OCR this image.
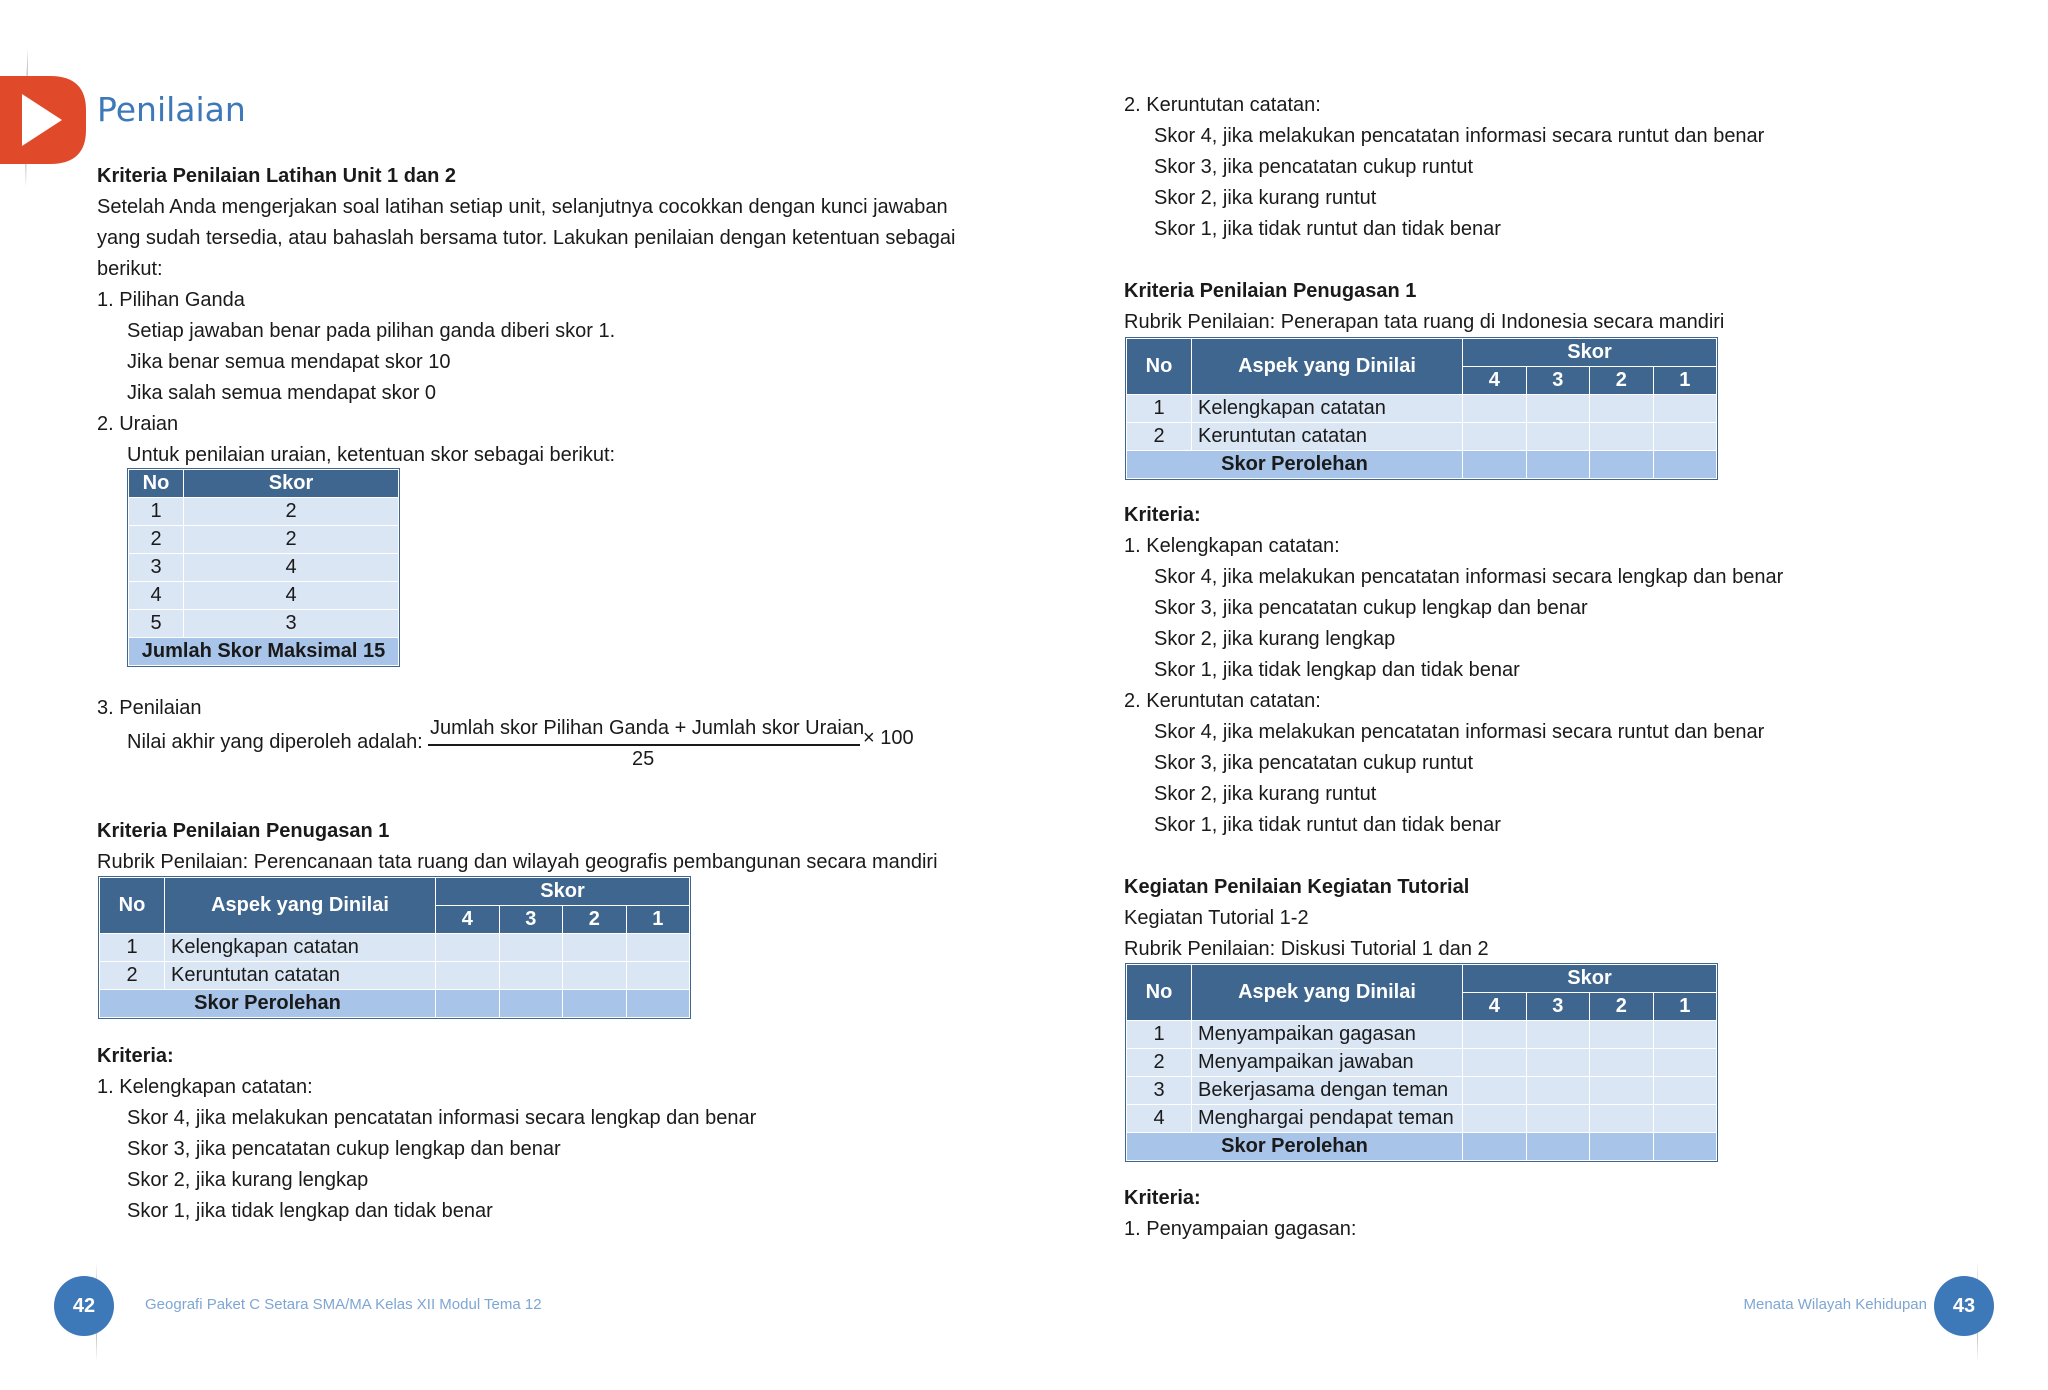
Penilaian
Kriteria Penilaian Latihan Unit 1 dan 2
Setelah Anda mengerjakan soal latihan setiap unit, selanjutnya cocokkan dengan kunci jawaban
yang sudah tersedia, atau bahaslah bersama tutor. Lakukan penilaian dengan ketentuan sebagai
berikut:
1. Pilihan Ganda
Setiap jawaban benar pada pilihan ganda diberi skor 1.
Jika benar semua mendapat skor 10
Jika salah semua mendapat skor 0
2. Uraian
Untuk penilaian uraian, ketentuan skor sebagai berikut:
No	Skor
1	2
2	2
3	4
4	4
5	3
Jumlah Skor Maksimal 15	
3. Penilaian
Nilai akhir yang diperoleh adalah:
Jumlah skor Pilihan Ganda + Jumlah skor Uraian
25
× 100
Kriteria Penilaian Penugasan 1
Rubrik Penilaian: Perencanaan tata ruang dan wilayah geografis pembangunan secara mandiri
No	Aspek yang Dinilai	Skor			
		4	3	2	1
1	Kelengkapan catatan				
2	Keruntutan catatan				
Skor Perolehan					
Kriteria:
1. Kelengkapan catatan:
Skor 4, jika melakukan pencatatan informasi secara lengkap dan benar
Skor 3, jika pencatatan cukup lengkap dan benar
Skor 2, jika kurang lengkap
Skor 1, jika tidak lengkap dan tidak benar
42	Geografi Paket C Setara SMA/MA Kelas XII Modul Tema 12
2. Keruntutan catatan:
Skor 4, jika melakukan pencatatan informasi secara runtut dan benar
Skor 3, jika pencatatan cukup runtut
Skor 2, jika kurang runtut
Skor 1, jika tidak runtut dan tidak benar
Kriteria Penilaian Penugasan 1
Rubrik Penilaian: Penerapan tata ruang di Indonesia secara mandiri
No	Aspek yang Dinilai	Skor			
		4	3	2	1
1	Kelengkapan catatan				
2	Keruntutan catatan				
Skor Perolehan					
Kriteria:
1. Kelengkapan catatan:
Skor 4, jika melakukan pencatatan informasi secara lengkap dan benar
Skor 3, jika pencatatan cukup lengkap dan benar
Skor 2, jika kurang lengkap
Skor 1, jika tidak lengkap dan tidak benar
2. Keruntutan catatan:
Skor 4, jika melakukan pencatatan informasi secara runtut dan benar
Skor 3, jika pencatatan cukup runtut
Skor 2, jika kurang runtut
Skor 1, jika tidak runtut dan tidak benar
Kegiatan Penilaian Kegiatan Tutorial
Kegiatan Tutorial 1-2
Rubrik Penilaian: Diskusi Tutorial 1 dan 2
No	Aspek yang Dinilai	Skor			
		4	3	2	1
1	Menyampaikan gagasan				
2	Menyampaikan jawaban				
3	Bekerjasama dengan teman				
4	Menghargai pendapat teman				
Skor Perolehan					
Kriteria:
1. Penyampaian gagasan:
Menata Wilayah Kehidupan	43
